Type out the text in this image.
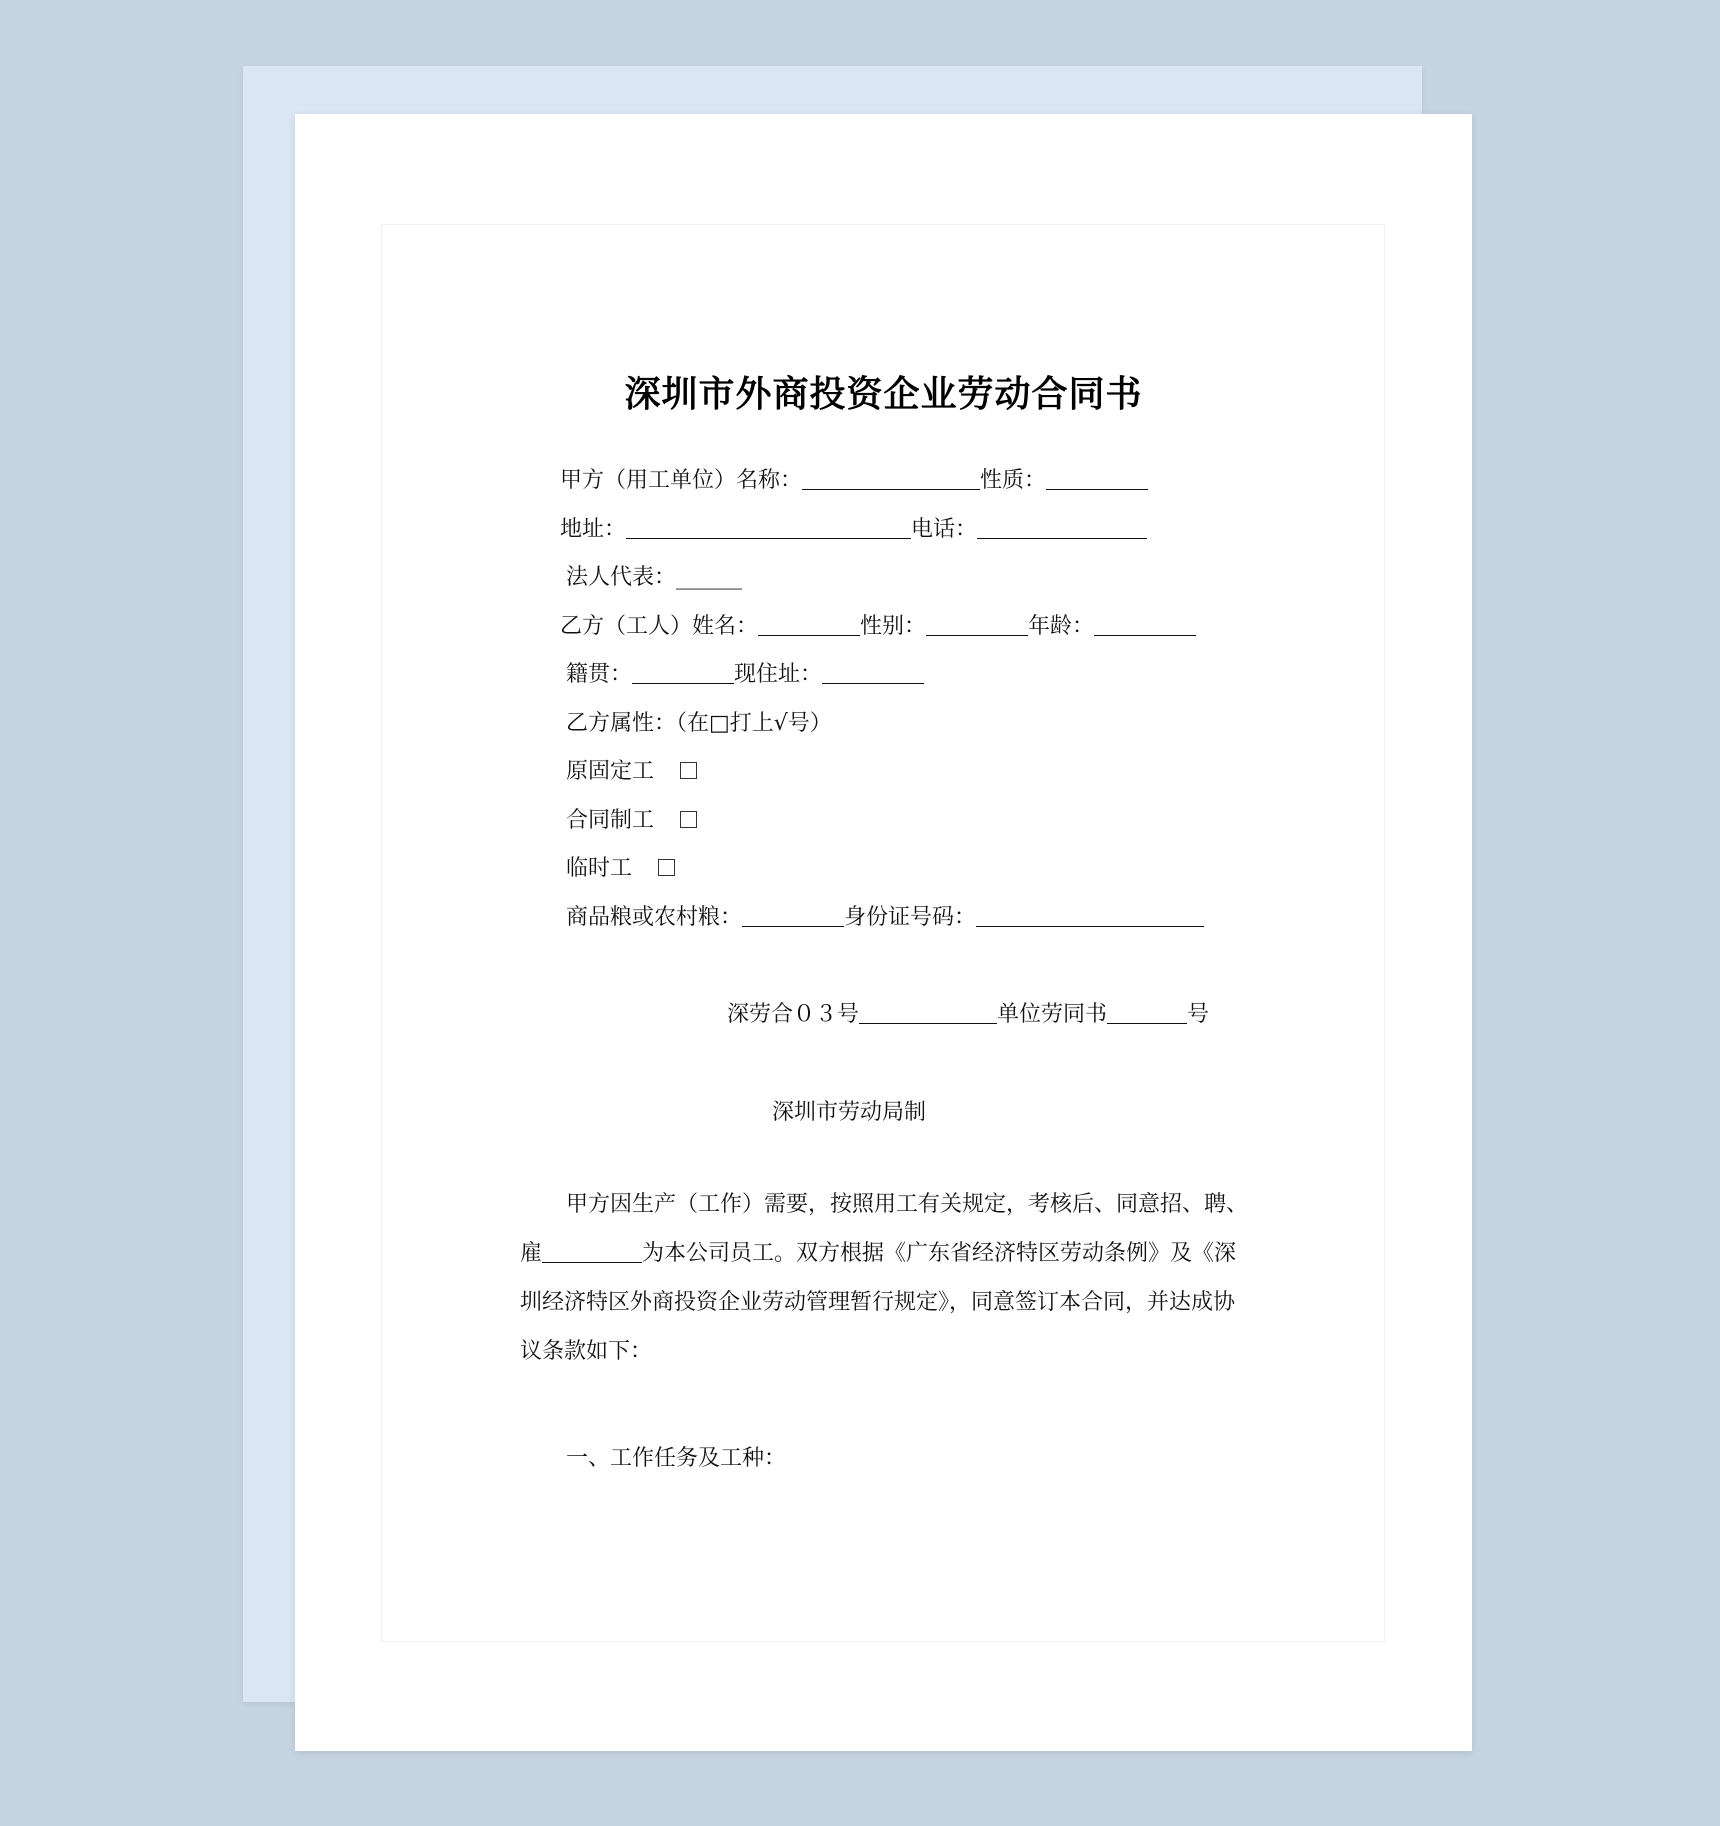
深圳市外商投资企业劳动合同书
甲方（用工单位）名称：	性质：
地址：	电话：
法人代表：______
乙方（工人）姓名：	性别：	年龄：
籍贯：	现住址：
乙方属性：（在□打上√号）
原固定工
合同制工
临时工
商品粮或农村粮：	身份证号码：
深劳合０３号	单位劳同书	号
深圳市劳动局制
甲方因生产（工作）需要，按照用工有关规定，考核后、同意招、聘、雇	为本公司员工。双方根据《广东省经济特区劳动条例》及《深圳经济特区外商投资企业劳动管理暂行规定》，同意签订本合同，并达成协议条款如下：
一、工作任务及工种：
